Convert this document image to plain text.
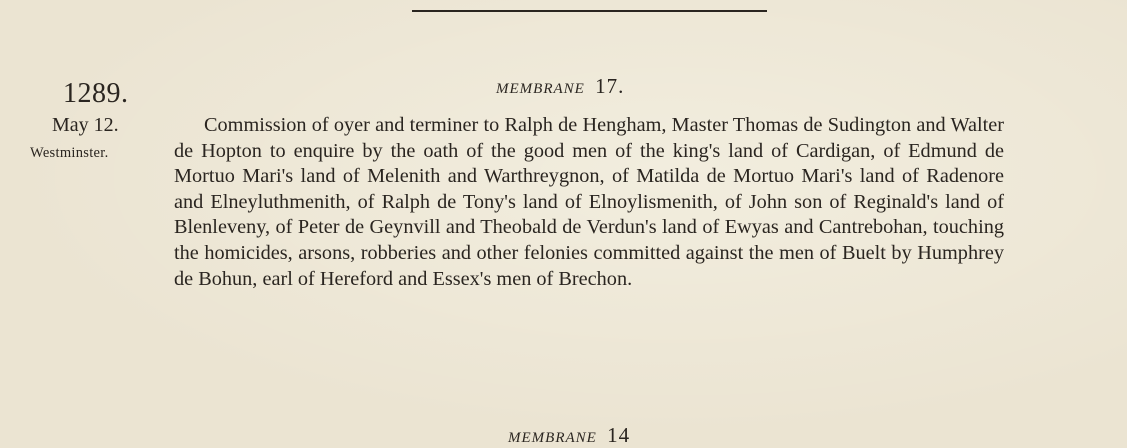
1289.	MEMBRANE 17.
May 12.
Westminster.
Commission of oyer and terminer to Ralph de Hengham, Master Thomas de Sudington and Walter de Hopton to enquire by the oath of the good men of the king's land of Cardigan, of Edmund de Mortuo Mari's land of Melenith and Warthreygnon, of Matilda de Mortuo Mari's land of Radenore and Elneyluthmenith, of Ralph de Tony's land of Elnoylismenith, of John son of Reginald's land of Blenleveny, of Peter de Geynvill and Theobald de Verdun's land of Ewyas and Cantrebohan, touching the homicides, arsons, robberies and other felonies committed against the men of Buelt by Humphrey de Bohun, earl of Hereford and Essex's men of Brechon.
MEMBRANE 14
